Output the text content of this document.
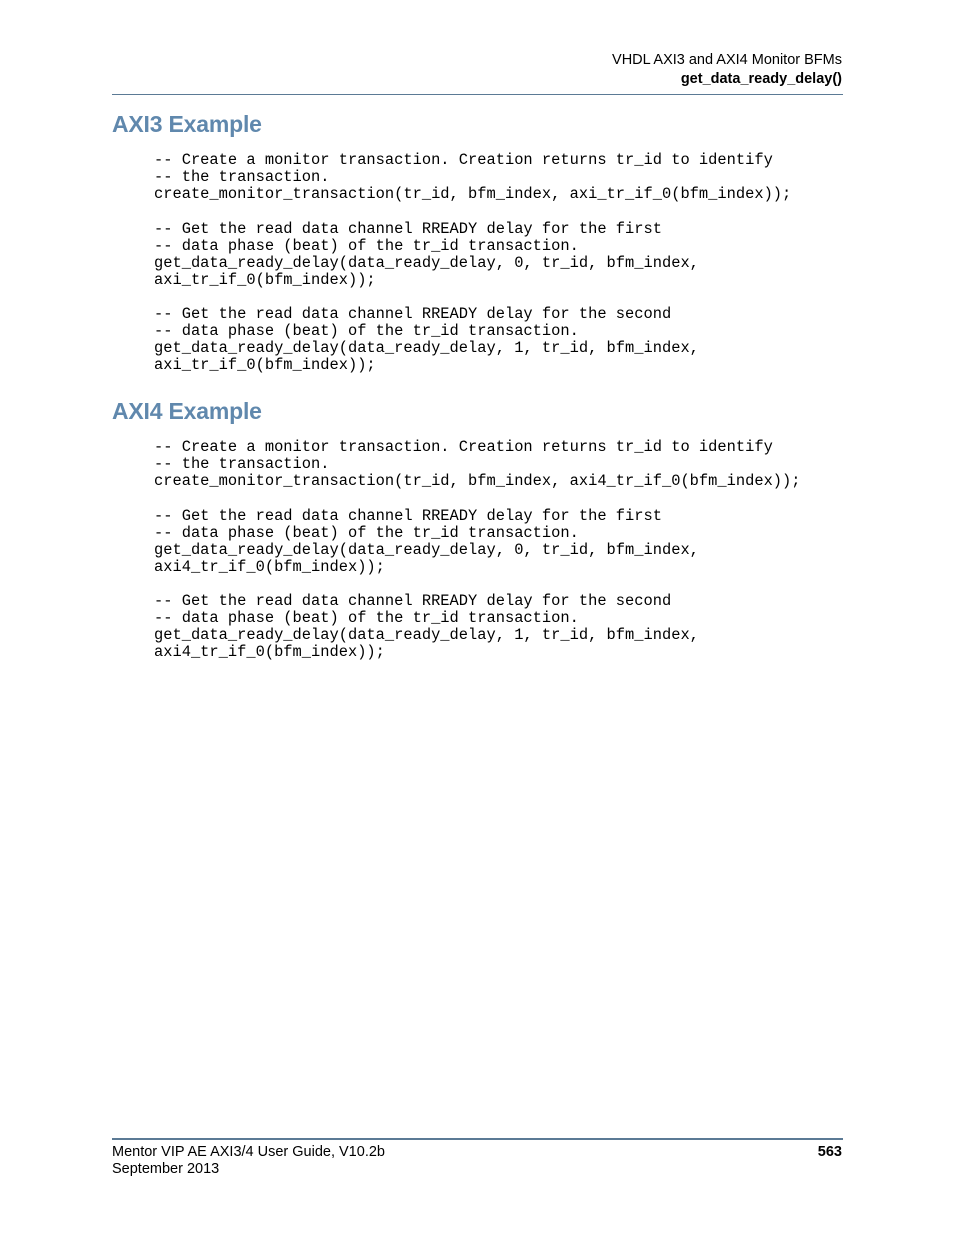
VHDL AXI3 and AXI4 Monitor BFMs
get_data_ready_delay()
AXI3 Example
-- Create a monitor transaction. Creation returns tr_id to identify
-- the transaction.
create_monitor_transaction(tr_id, bfm_index, axi_tr_if_0(bfm_index));
-- Get the read data channel RREADY delay for the first
-- data phase (beat) of the tr_id transaction.
get_data_ready_delay(data_ready_delay, 0, tr_id, bfm_index,
axi_tr_if_0(bfm_index));
-- Get the read data channel RREADY delay for the second
-- data phase (beat) of the tr_id transaction.
get_data_ready_delay(data_ready_delay, 1, tr_id, bfm_index,
axi_tr_if_0(bfm_index));
AXI4 Example
-- Create a monitor transaction. Creation returns tr_id to identify
-- the transaction.
create_monitor_transaction(tr_id, bfm_index, axi4_tr_if_0(bfm_index));
-- Get the read data channel RREADY delay for the first
-- data phase (beat) of the tr_id transaction.
get_data_ready_delay(data_ready_delay, 0, tr_id, bfm_index,
axi4_tr_if_0(bfm_index));
-- Get the read data channel RREADY delay for the second
-- data phase (beat) of the tr_id transaction.
get_data_ready_delay(data_ready_delay, 1, tr_id, bfm_index,
axi4_tr_if_0(bfm_index));
Mentor VIP AE AXI3/4 User Guide, V10.2b
September 2013
563
